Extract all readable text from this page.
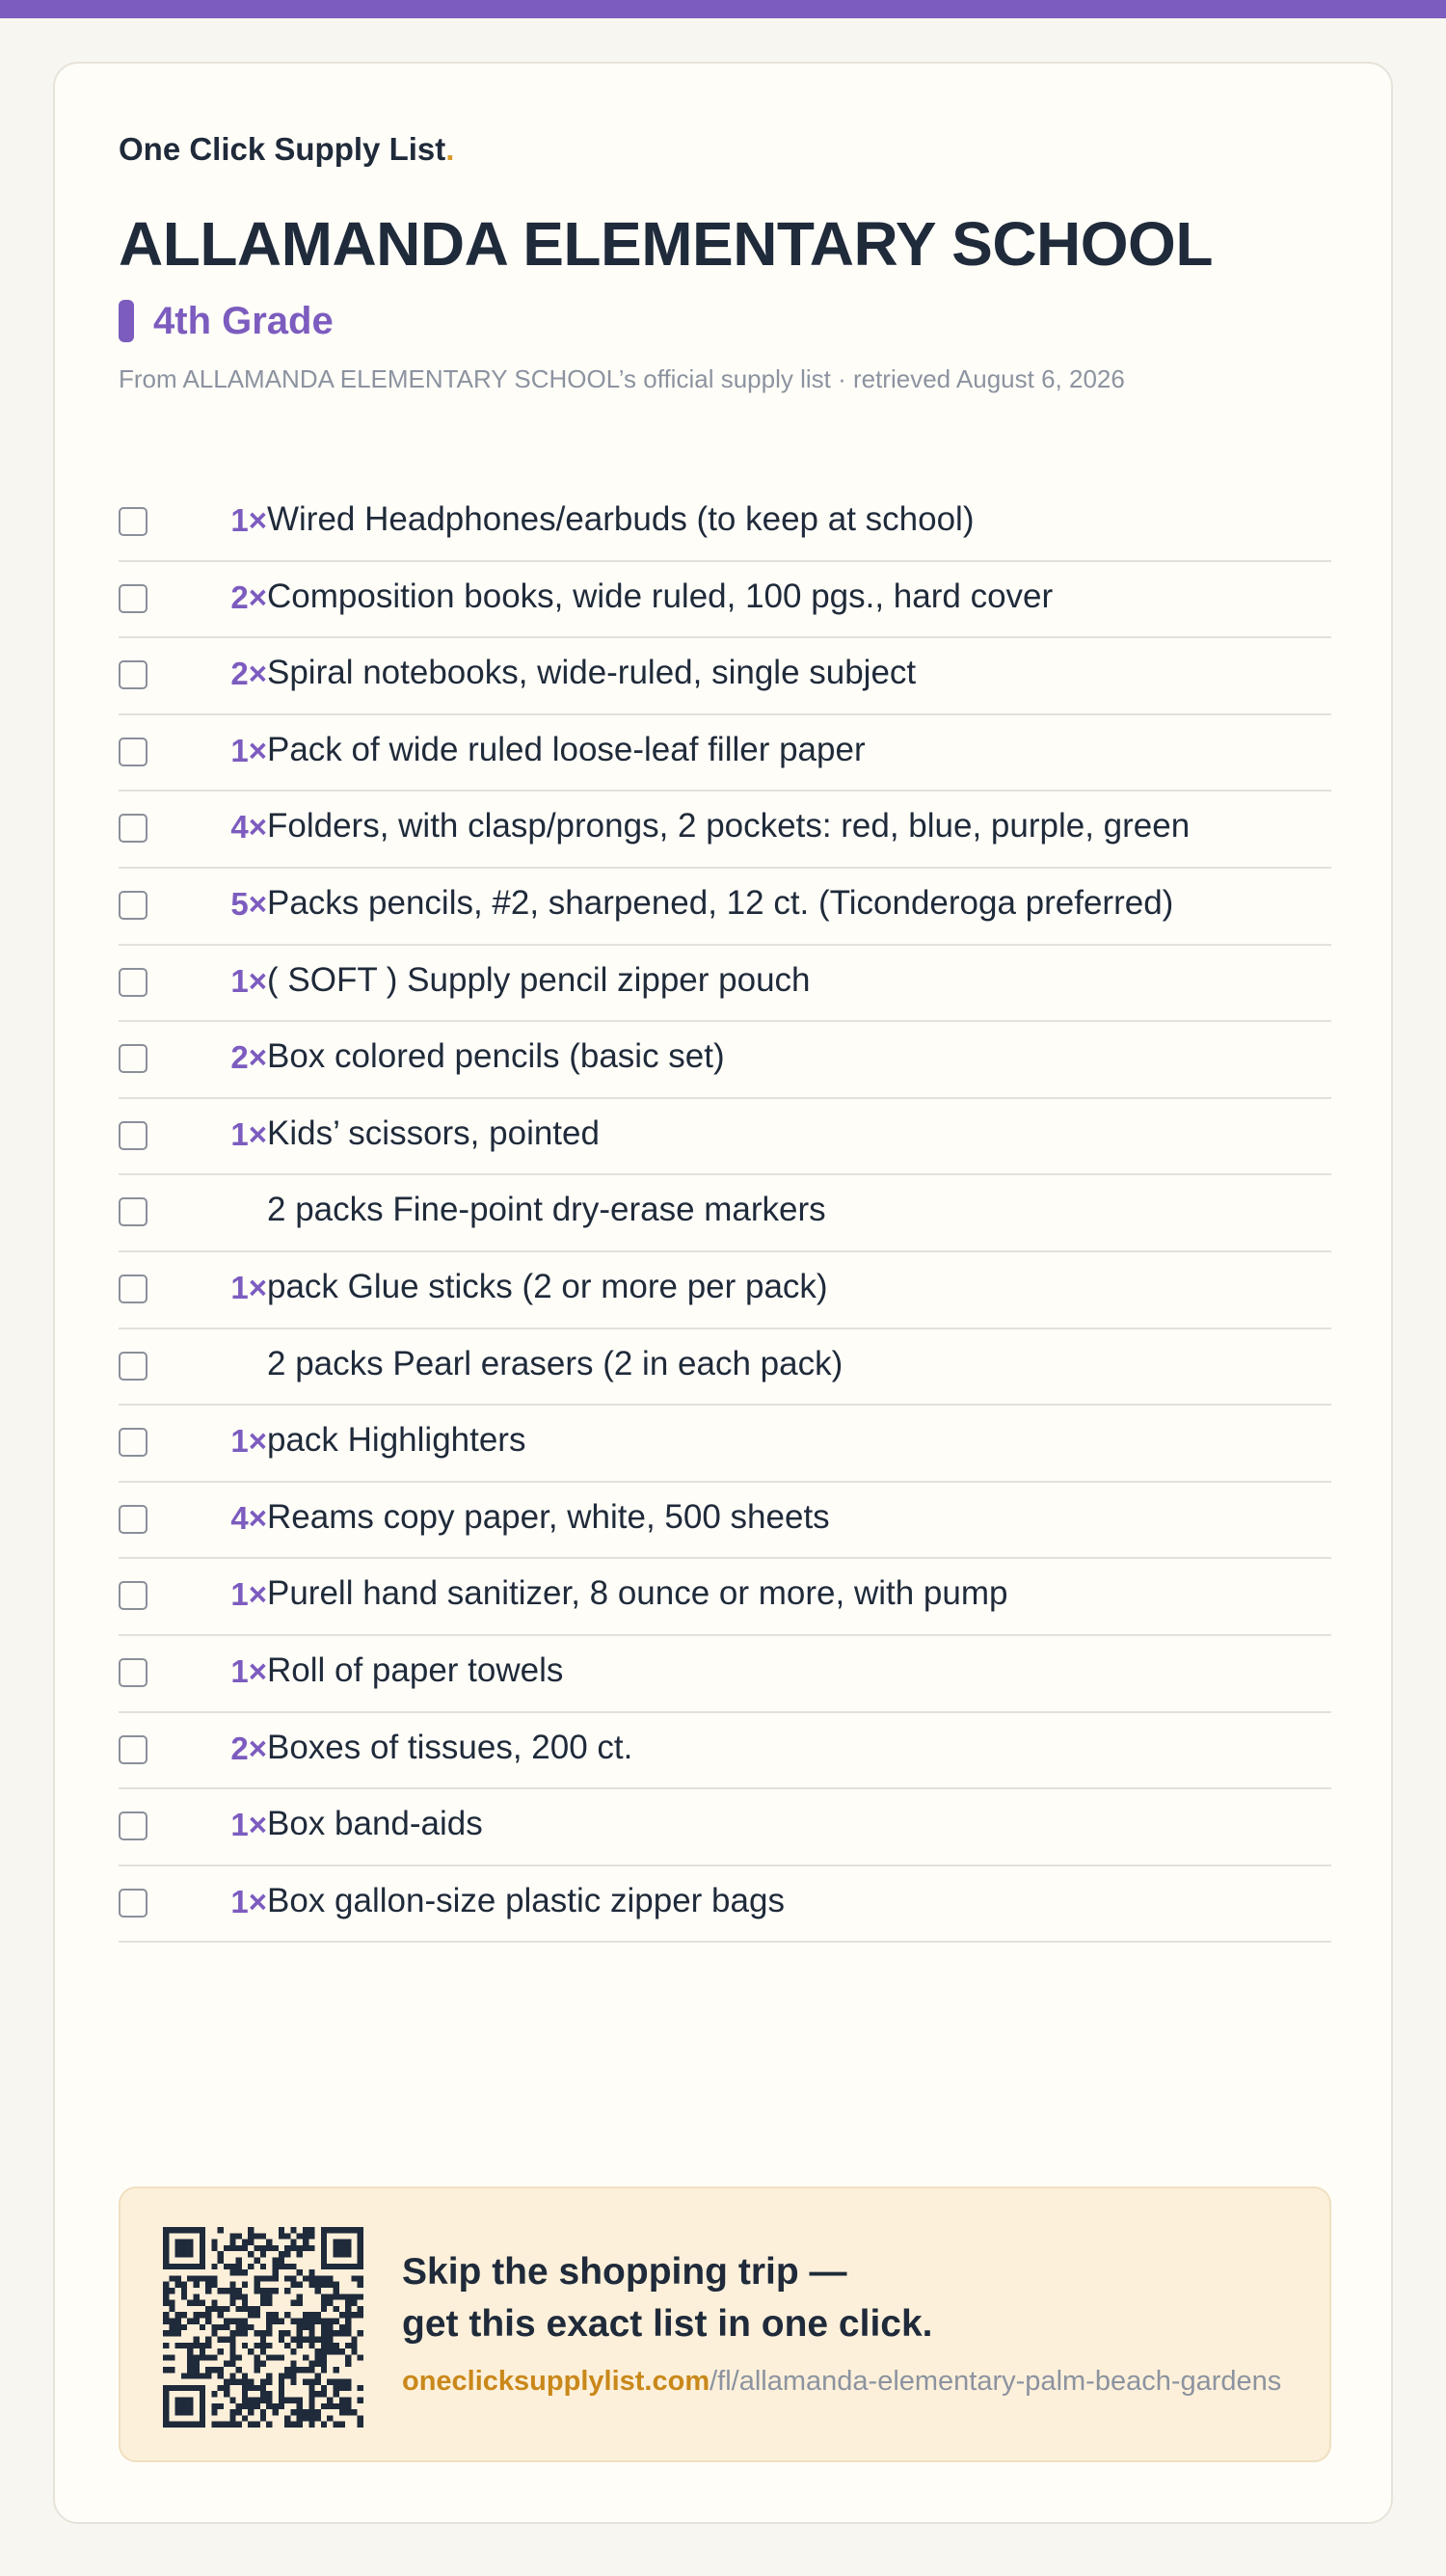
One Click Supply List.
ALLAMANDA ELEMENTARY SCHOOL
4th Grade

From ALLAMANDA ELEMENTARY SCHOOL’s official supply list · retrieved August 6, 2026

1× Wired Headphones/earbuds (to keep at school)
2× Composition books, wide ruled, 100 pgs., hard cover
2× Spiral notebooks, wide-ruled, single subject
1× Pack of wide ruled loose-leaf filler paper
4× Folders, with clasp/prongs, 2 pockets: red, blue, purple, green
5× Packs pencils, #2, sharpened, 12 ct. (Ticonderoga preferred)
1× ( SOFT ) Supply pencil zipper pouch
2× Box colored pencils (basic set)
1× Kids’ scissors, pointed
2 packs Fine-point dry-erase markers
1× pack Glue sticks (2 or more per pack)
2 packs Pearl erasers (2 in each pack)
1× pack Highlighters
4× Reams copy paper, white, 500 sheets
1× Purell hand sanitizer, 8 ounce or more, with pump
1× Roll of paper towels
2× Boxes of tissues, 200 ct.
1× Box band-aids
1× Box gallon-size plastic zipper bags
Skip the shopping trip —
get this exact list in one click.
oneclicksupplylist.com/fl/allamanda-elementary-palm-beach-gardens
